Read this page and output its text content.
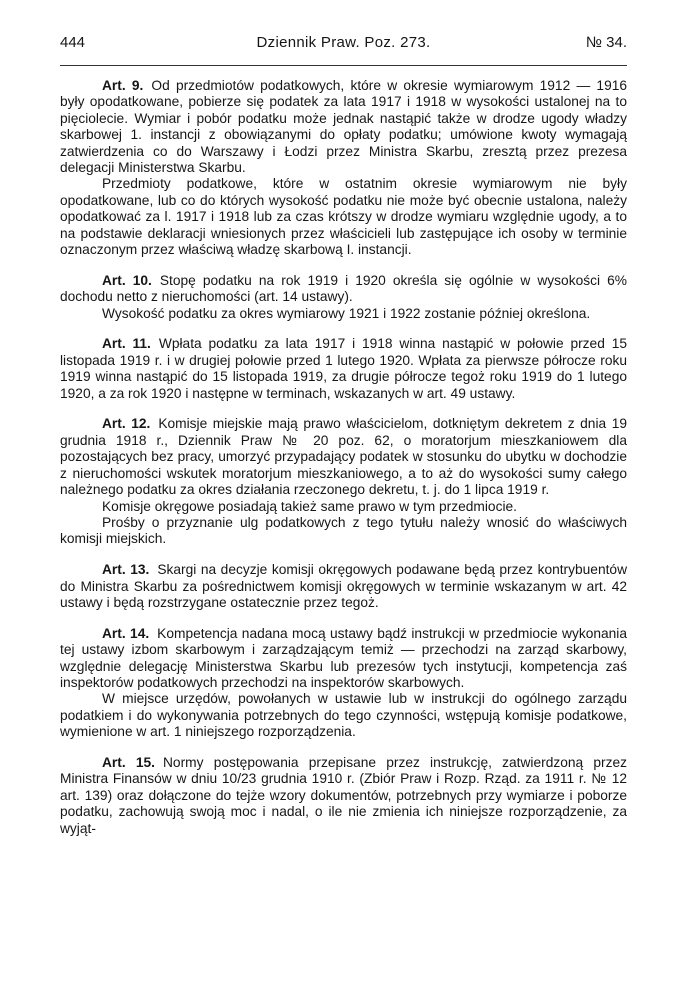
444	Dziennik Praw. Poz. 273.	№ 34.

Art. 9. Od przedmiotów podatkowych, które w okresie wymiarowym 1912 — 1916 były opodatkowane, pobierze się podatek za lata 1917 i 1918 w wysokości ustalonej na to pięciolecie. Wymiar i pobór podatku może jednak nastąpić także w drodze ugody władzy skarbowej 1. instancji z obowiązanymi do opłaty podatku; umówione kwoty wymagają zatwierdzenia co do Warszawy i Łodzi przez Ministra Skarbu, zresztą przez prezesa delegacji Ministerstwa Skarbu.

Przedmioty podatkowe, które w ostatnim okresie wymiarowym nie były opodatkowane, lub co do których wysokość podatku nie może być obecnie ustalona, należy opodatkować za l. 1917 i 1918 lub za czas krótszy w drodze wymiaru względnie ugody, a to na podstawie deklaracji wniesionych przez właścicieli lub zastępujące ich osoby w terminie oznaczonym przez właściwą władzę skarbową I. instancji.

Art. 10. Stopę podatku na rok 1919 i 1920 określa się ogólnie w wysokości 6% dochodu netto z nieruchomości (art. 14 ustawy).

Wysokość podatku za okres wymiarowy 1921 i 1922 zostanie później określona.

Art. 11. Wpłata podatku za lata 1917 i 1918 winna nastąpić w połowie przed 15 listopada 1919 r. i w drugiej połowie przed 1 lutego 1920. Wpłata za pierwsze półrocze roku 1919 winna nastąpić do 15 listopada 1919, za drugie półrocze tegoż roku 1919 do 1 lutego 1920, a za rok 1920 i następne w terminach, wskazanych w art. 49 ustawy.

Art. 12. Komisje miejskie mają prawo właścicielom, dotkniętym dekretem z dnia 19 grudnia 1918 r., Dziennik Praw № 20 poz. 62, o moratorjum mieszkaniowem dla pozostających bez pracy, umorzyć przypadający podatek w stosunku do ubytku w dochodzie z nieruchomości wskutek moratorjum mieszkaniowego, a to aż do wysokości sumy całego należnego podatku za okres działania rzeczonego dekretu, t. j. do 1 lipca 1919 r.

Komisje okręgowe posiadają takież same prawo w tym przedmiocie.

Prośby o przyznanie ulg podatkowych z tego tytułu należy wnosić do właściwych komisji miejskich.

Art. 13. Skargi na decyzje komisji okręgowych podawane będą przez kontrybuentów do Ministra Skarbu za pośrednictwem komisji okręgowych w terminie wskazanym w art. 42 ustawy i będą rozstrzygane ostatecznie przez tegoż.

Art. 14. Kompetencja nadana mocą ustawy bądź instrukcji w przedmiocie wykonania tej ustawy izbom skarbowym i zarządzającym temiż — przechodzi na zarząd skarbowy, względnie delegację Ministerstwa Skarbu lub prezesów tych instytucji, kompetencja zaś inspektorów podatkowych przechodzi na inspektorów skarbowych.

W miejsce urzędów, powołanych w ustawie lub w instrukcji do ogólnego zarządu podatkiem i do wykonywania potrzebnych do tego czynności, wstępują komisje podatkowe, wymienione w art. 1 niniejszego rozporządzenia.

Art. 15. Normy postępowania przepisane przez instrukcję, zatwierdzoną przez Ministra Finansów w dniu 10/23 grudnia 1910 r. (Zbiór Praw i Rozp. Rząd. za 1911 r. № 12 art. 139) oraz dołączone do tejże wzory dokumentów, potrzebnych przy wymiarze i poborze podatku, zachowują swoją moc i nadal, o ile nie zmienia ich niniejsze rozporządzenie, za wyjąt-
